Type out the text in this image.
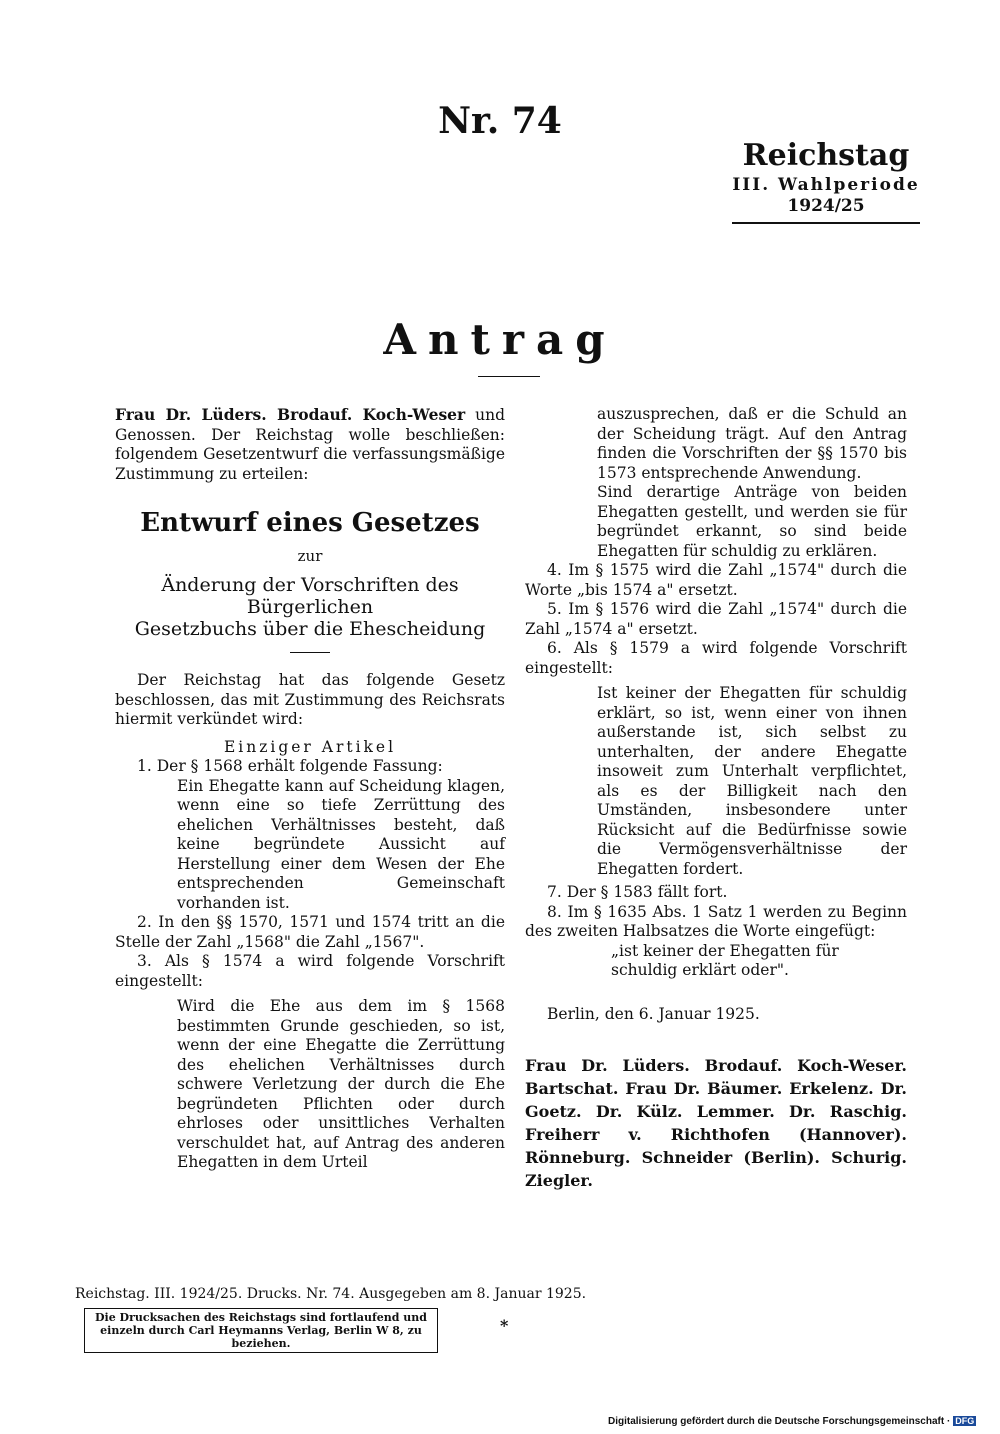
Nr. 74
Reichstag
III. Wahlperiode
1924/25
Antrag

Frau Dr. Lüders. Brodauf. Koch-Weser und Genossen. Der Reichstag wolle beschließen: folgendem Gesetzentwurf die verfassungsmäßige Zustimmung zu erteilen:

Entwurf eines Gesetzes
zur
Änderung der Vorschriften des Bürgerlichen
Gesetzbuchs über die Ehescheidung

Der Reichstag hat das folgende Gesetz beschlossen, das mit Zustimmung des Reichsrats hiermit verkündet wird:

Einziger Artikel

1. Der § 1568 erhält folgende Fassung:

Ein Ehegatte kann auf Scheidung klagen, wenn eine so tiefe Zerrüttung des ehelichen Verhältnisses besteht, daß keine begründete Aussicht auf Herstellung einer dem Wesen der Ehe entsprechenden Gemeinschaft vorhanden ist.

2. In den §§ 1570, 1571 und 1574 tritt an die Stelle der Zahl „1568" die Zahl „1567".

3. Als § 1574 a wird folgende Vorschrift eingestellt:

Wird die Ehe aus dem im § 1568 bestimmten Grunde geschieden, so ist, wenn der eine Ehegatte die Zerrüttung des ehelichen Verhältnisses durch schwere Verletzung der durch die Ehe begründeten Pflichten oder durch ehrloses oder unsittliches Verhalten verschuldet hat, auf Antrag des anderen Ehegatten in dem Urteil

auszusprechen, daß er die Schuld an der Scheidung trägt. Auf den Antrag finden die Vorschriften der §§ 1570 bis 1573 entsprechende Anwendung.

Sind derartige Anträge von beiden Ehegatten gestellt, und werden sie für begründet erkannt, so sind beide Ehegatten für schuldig zu erklären.

4. Im § 1575 wird die Zahl „1574" durch die Worte „bis 1574 a" ersetzt.

5. Im § 1576 wird die Zahl „1574" durch die Zahl „1574 a" ersetzt.

6. Als § 1579 a wird folgende Vorschrift eingestellt:

Ist keiner der Ehegatten für schuldig erklärt, so ist, wenn einer von ihnen außerstande ist, sich selbst zu unterhalten, der andere Ehegatte insoweit zum Unterhalt verpflichtet, als es der Billigkeit nach den Umständen, insbesondere unter Rücksicht auf die Bedürfnisse sowie die Vermögensverhältnisse der Ehegatten fordert.

7. Der § 1583 fällt fort.

8. Im § 1635 Abs. 1 Satz 1 werden zu Beginn des zweiten Halbsatzes die Worte eingefügt:

„ist keiner der Ehegatten für schuldig erklärt oder".

Berlin, den 6. Januar 1925.

Frau Dr. Lüders. Brodauf. Koch-Weser. Bartschat. Frau Dr. Bäumer. Erkelenz. Dr. Goetz. Dr. Külz. Lemmer. Dr. Raschig. Freiherr v. Richthofen (Hannover). Rönneburg. Schneider (Berlin). Schurig. Ziegler.

Reichstag. III. 1924/25. Drucks. Nr. 74. Ausgegeben am 8. Januar 1925.
Die Drucksachen des Reichstags sind fortlaufend und einzeln durch Carl Heymanns Verlag, Berlin W 8, zu beziehen.
*
Digitalisierung gefördert durch die Deutsche Forschungsgemeinschaft · DFG
